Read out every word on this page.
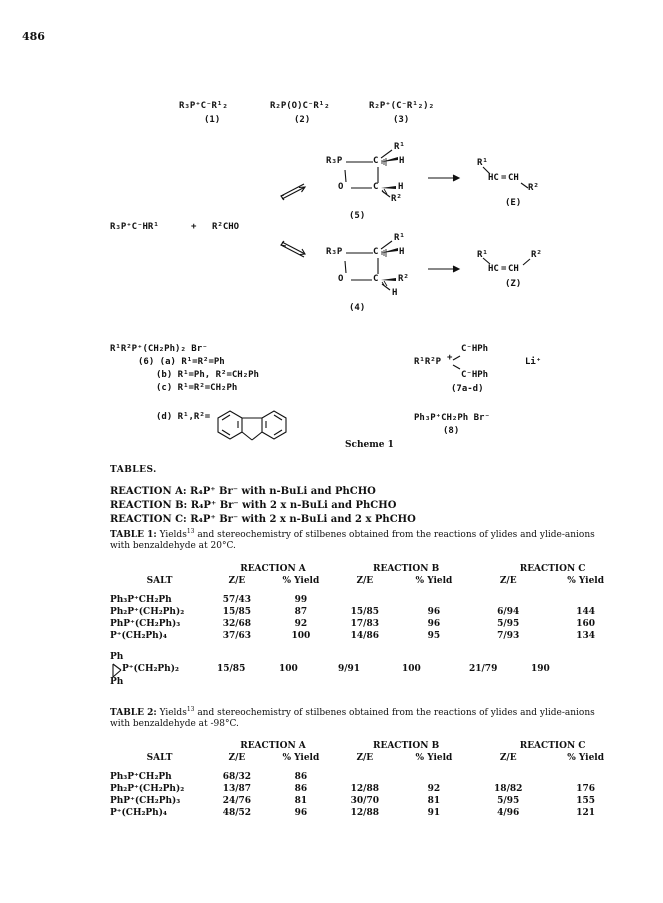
486
R₃P⁺C⁻R¹₂
(1)
R₂P(O)C⁻R¹₂
(2)
R₂P⁺(C⁻R¹₂)₂
(3)
R₃P⁺C⁻HR¹	+ R²CHO
R₃P
O
C
C
R¹
H
H
R²
(5)
R₃P
O
C
C
R¹
H
R²
H
(4)
R¹
HC = CH
R²
(E)
R¹	R²
HC = CH
(Z)
R¹R²P⁺(CH₂Ph)₂ Br⁻
(6) (a) R¹=R²=Ph
(b) R¹=Ph, R²=CH₂Ph
(c) R¹=R²=CH₂Ph
(d) R¹,R²=
C⁻HPh
R¹R²P +	Li⁺
C⁻HPh
(7a-d)
Ph₃P⁺CH₂Ph Br⁻
(8)
Scheme 1
TABLES.
REACTION A: R₄P⁺ Br⁻ with n-BuLi and PhCHO
REACTION B: R₄P⁺ Br⁻ with 2 x n-BuLi and PhCHO
REACTION C: R₄P⁺ Br⁻ with 2 x n-BuLi and 2 x PhCHO
TABLE 1: Yields$^{13}$ and stereochemistry of stilbenes obtained from the reactions of ylides and ylide-anions
with benzaldehyde at 20°C.
	REACTION A		REACTION B		REACTION C	
SALT	Z/E	% Yield	Z/E	% Yield	Z/E	% Yield

Ph₃P⁺CH₂Ph	57/43	99				
Ph₂P⁺(CH₂Ph)₂	15/85	87	15/85	96	6/94	144
PhP⁺(CH₂Ph)₃	32/68	92	17/83	96	5/95	160
P⁺(CH₂Ph)₄	37/63	100	14/86	95	7/93	134
Ph
P⁺(CH₂Ph)₂
Ph
15/85	100	9/91	100	21/79	190
TABLE 2: Yields$^{13}$ and stereochemistry of stilbenes obtained from the reactions of ylides and ylide-anions
with benzaldehyde at -98°C.
	REACTION A		REACTION B		REACTION C	
SALT	Z/E	% Yield	Z/E	% Yield	Z/E	% Yield

Ph₃P⁺CH₂Ph	68/32	86				
Ph₂P⁺(CH₂Ph)₂	13/87	86	12/88	92	18/82	176
PhP⁺(CH₂Ph)₃	24/76	81	30/70	81	5/95	155
P⁺(CH₂Ph)₄	48/52	96	12/88	91	4/96	121
